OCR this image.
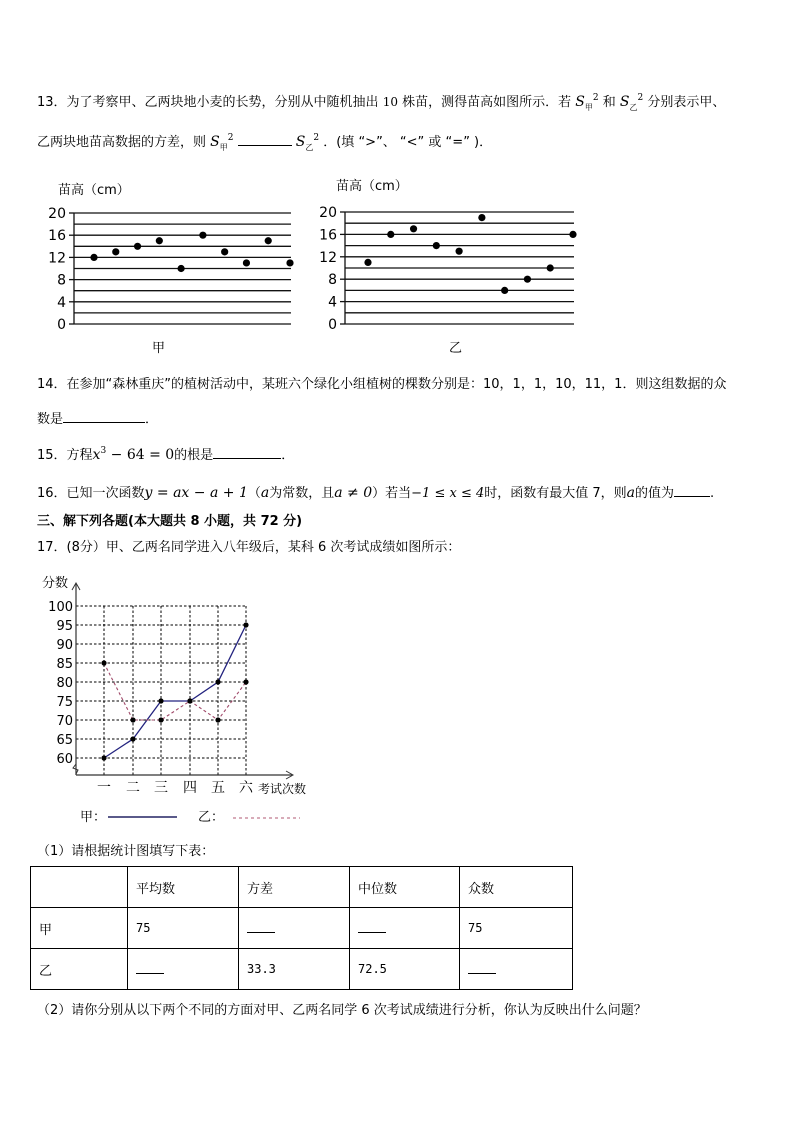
13．为了考察甲、乙两块地小麦的长势，分别从中随机抽出 10 株苗，测得苗高如图所示．若 $S_甲^2$ 和 $S_乙^2$ 分别表示甲、
乙两块地苗高数据的方差，则 $S_甲^2$	$S_乙^2$ ．(填 “>”、 “<” 或 “=” )．
苗高（cm）
0
4
8
12
16
20
甲
苗高（cm）
0
4
8
12
16
20
乙
14．在参加“森林重庆”的植树活动中，某班六个绿化小组植树的棵数分别是：10，1，1，10，11，1．则这组数据的众
数是	．
15．方程$x^3 - 64 = 0$的根是	．
16．已知一次函数y = ax − a + 1（a为常数，且a ≠ 0）若当−1 ≤ x ≤ 4时，函数有最大值 7，则a的值为	.
三、解下列各题(本大题共 8 小题，共 72 分)
17．(8分）甲、乙两名同学进入八年级后，某科 6 次考试成绩如图所示：
分数
60
65
70
75
80
85
90
95
100
一 二 三 四 五 六 考试次数
甲：	乙：
（1）请根据统计图填写下表：
	平均数	方差	中位数	众数
甲	75			75
乙		33.3	72.5	
（2）请你分别从以下两个不同的方面对甲、乙两名同学 6 次考试成绩进行分析，你认为反映出什么问题？
